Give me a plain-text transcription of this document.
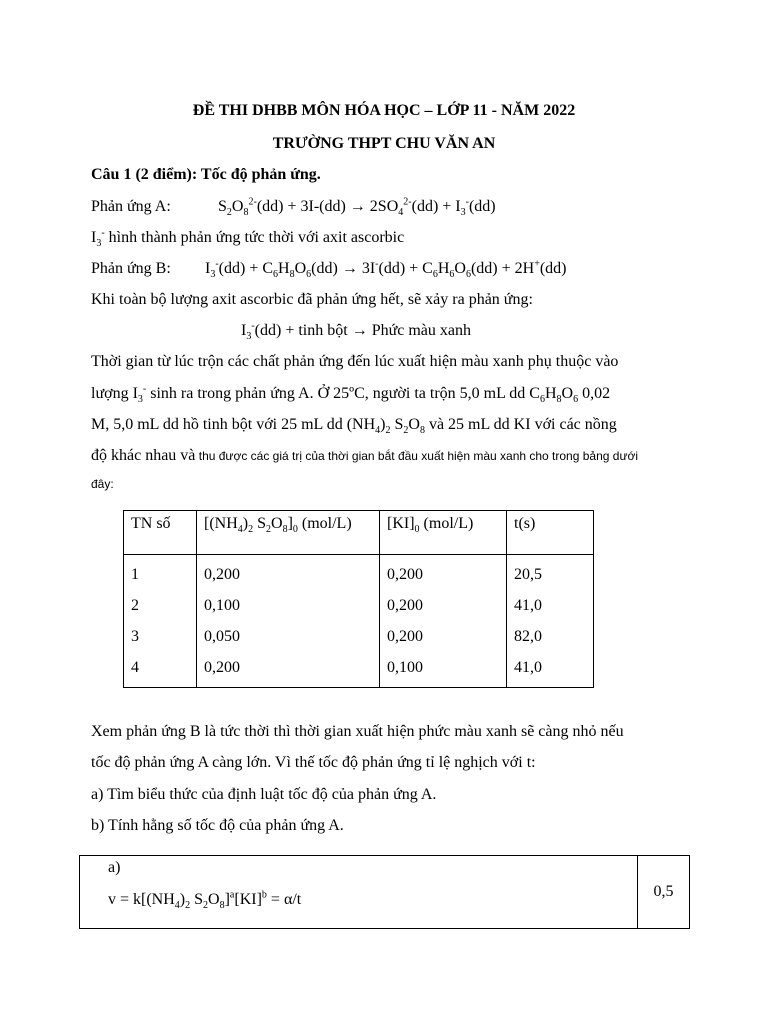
ĐỀ THI DHBB MÔN HÓA HỌC – LỚP 11 - NĂM 2022
TRƯỜNG THPT CHU VĂN AN
Câu 1 (2 điểm): Tốc độ phản ứng.
Phản ứng A:	$S_2O_8^{2-}(dd) + 3I-(dd) \to 2SO_4^{2-}(dd) + I_3^-(dd)$
$I_3^-$ hình thành phản ứng tức thời với axit ascorbic
Phản ứng B: $I_3^-(dd) + C_6H_8O_6(dd) \to 3I^-(dd) + C_6H_6O_6(dd) + 2H^+(dd)$
Khi toàn bộ lượng axit ascorbic đã phản ứng hết, sẽ xảy ra phản ứng:
$I_3^-(dd)$ + tinh bột → Phức màu xanh
Thời gian từ lúc trộn các chất phản ứng đến lúc xuất hiện màu xanh phụ thuộc vào
lượng $I_3^-$ sinh ra trong phản ứng A. Ở 25ºC, người ta trộn 5,0 mL dd $C_6H_8O_6$ 0,02
M, 5,0 mL dd hồ tinh bột với 25 mL dd $(NH_4)_2$ $S_2O_8$ và 25 mL dd KI với các nồng
độ khác nhau và thu được các giá trị của thời gian bắt đầu xuất hiện màu xanh cho trong bảng dưới
đây:
TN số	[$(NH_4)_2$ $S_2O_8]_0$ (mol/L)	$[KI]_0$ (mol/L)	t(s)
1	0,200	0,200	20,5
2	0,100	0,200	41,0
3	0,050	0,200	82,0
4	0,200	0,100	41,0
Xem phản ứng B là tức thời thì thời gian xuất hiện phức màu xanh sẽ càng nhỏ nếu
tốc độ phản ứng A càng lớn. Vì thế tốc độ phản ứng tỉ lệ nghịch với t:
a) Tìm biểu thức của định luật tốc độ của phản ứng A.
b) Tính hằng số tốc độ của phản ứng A.
a)
$v = k[(NH_4)_2$ $S_2O_8]^a[KI]^b = \alpha/t$	0,5
